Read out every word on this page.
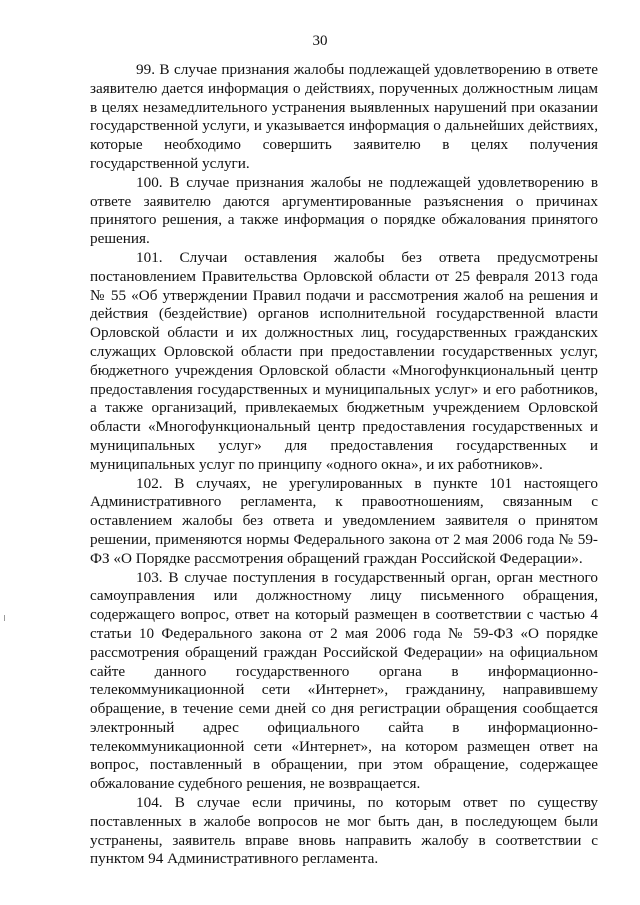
30

99. В случае признания жалобы подлежащей удовлетворению в ответе заявителю дается информация о действиях, порученных должностным лицам в целях незамедлительного устранения выявленных нарушений при оказании государственной услуги, и указывается информация о дальнейших действиях, которые необходимо совершить заявителю в целях получения государственной услуги.

100. В случае признания жалобы не подлежащей удовлетворению в ответе заявителю даются аргументированные разъяснения о причинах принятого решения, а также информация о порядке обжалования принятого решения.

101. Случаи оставления жалобы без ответа предусмотрены постановлением Правительства Орловской области от 25 февраля 2013 года № 55 «Об утверждении Правил подачи и рассмотрения жалоб на решения и действия (бездействие) органов исполнительной государственной власти Орловской области и их должностных лиц, государственных гражданских служащих Орловской области при предоставлении государственных услуг, бюджетного учреждения Орловской области «Многофункциональный центр предоставления государственных и муниципальных услуг» и его работников, а также организаций, привлекаемых бюджетным учреждением Орловской области «Многофункциональный центр предоставления государственных и муниципальных услуг» для предоставления государственных и муниципальных услуг по принципу «одного окна», и их работников».

102. В случаях, не урегулированных в пункте 101 настоящего Административного регламента, к правоотношениям, связанным с оставлением жалобы без ответа и уведомлением заявителя о принятом решении, применяются нормы Федерального закона от 2 мая 2006 года № 59-ФЗ «О Порядке рассмотрения обращений граждан Российской Федерации».

103. В случае поступления в государственный орган, орган местного самоуправления или должностному лицу письменного обращения, содержащего вопрос, ответ на который размещен в соответствии с частью 4 статьи 10 Федерального закона от 2 мая 2006 года № 59-ФЗ «О порядке рассмотрения обращений граждан Российской Федерации» на официальном сайте данного государственного органа в информационно-телекоммуникационной сети «Интернет», гражданину, направившему обращение, в течение семи дней со дня регистрации обращения сообщается электронный адрес официального сайта в информационно-телекоммуникационной сети «Интернет», на котором размещен ответ на вопрос, поставленный в обращении, при этом обращение, содержащее обжалование судебного решения, не возвращается.

104. В случае если причины, по которым ответ по существу поставленных в жалобе вопросов не мог быть дан, в последующем были устранены, заявитель вправе вновь направить жалобу в соответствии с пунктом 94 Административного регламента.
